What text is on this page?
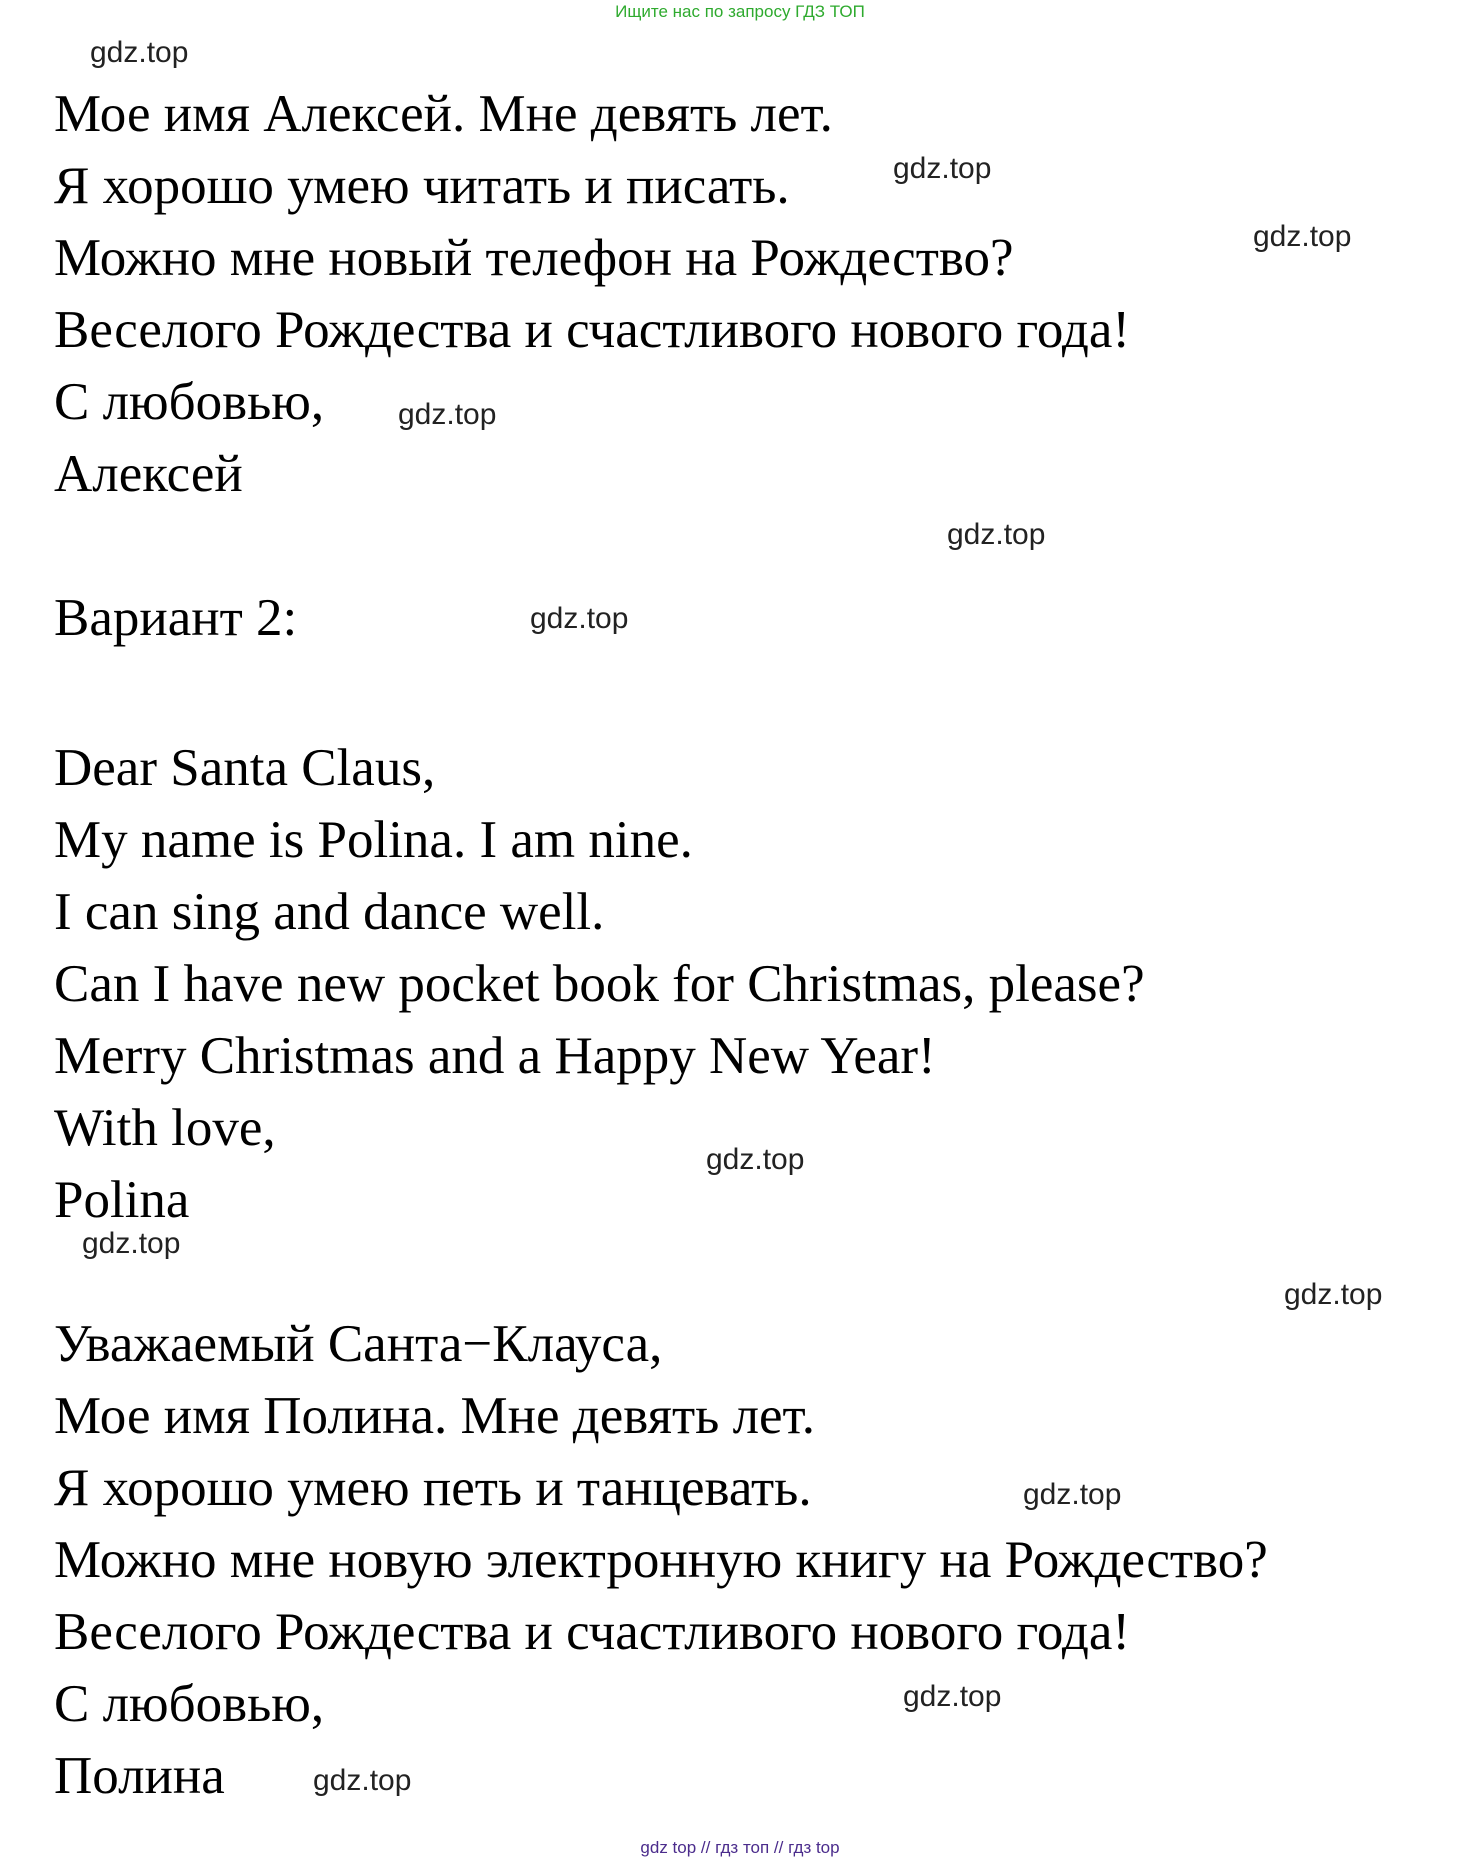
Ищите нас по запросу ГДЗ ТОП
gdz.top
Мое имя Алексей. Мне девять лет.
Я хорошо умею читать и писать.	gdz.top
Можно мне новый телефон на Рождество?	gdz.top
Веселого Рождества и счастливого нового года!
С любовью, gdz.top
Алексей
gdz.top
Вариант 2:	gdz.top
Dear Santa Claus,
My name is Polina. I am nine.
I can sing and dance well.
Can I have new pocket book for Christmas, please?
Merry Christmas and a Happy New Year!
With love,
gdz.top
Polina
gdz.top
gdz.top
Уважаемый Санта−Клауса,
Мое имя Полина. Мне девять лет.
Я хорошо умею петь и танцевать.	gdz.top
Можно мне новую электронную книгу на Рождество?
Веселого Рождества и счастливого нового года!
С любовью,	gdz.top
Полина	gdz.top
gdz top // гдз топ // гдз top
